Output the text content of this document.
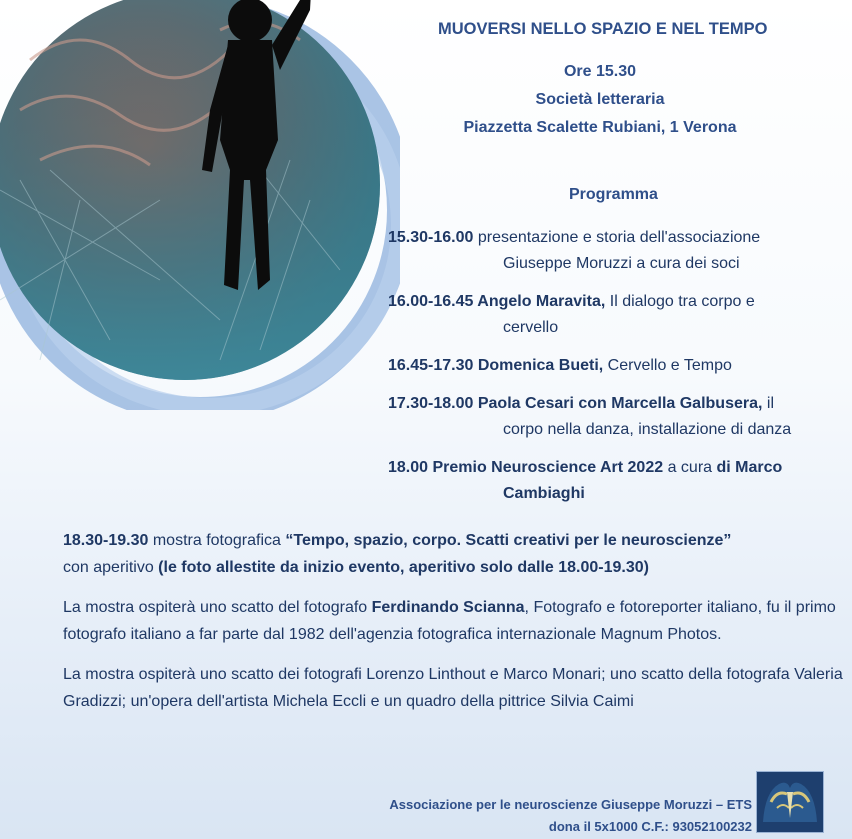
MUOVERSI NELLO SPAZIO E NEL TEMPO
Ore 15.30
Società letteraria
Piazzetta Scalette Rubiani, 1 Verona
Programma
15.30-16.00 presentazione e storia dell'associazione
Giuseppe Moruzzi a cura dei soci
16.00-16.45 Angelo Maravita, Il dialogo tra corpo e
cervello
16.45-17.30 Domenica Bueti, Cervello e Tempo
17.30-18.00 Paola Cesari con Marcella Galbusera, il
corpo nella danza, installazione di danza
18.00 Premio Neuroscience Art 2022 a cura di Marco
Cambiaghi

18.30-19.30 mostra fotografica “Tempo, spazio, corpo. Scatti creativi per le neuroscienze”
con aperitivo (le foto allestite da inizio evento, aperitivo solo dalle 18.00-19.30)

La mostra ospiterà uno scatto del fotografo Ferdinando Scianna, Fotografo e fotoreporter italiano, fu il primo fotografo italiano a far parte dal 1982 dell'agenzia fotografica internazionale Magnum Photos.

La mostra ospiterà uno scatto dei fotografi Lorenzo Linthout e Marco Monari; uno scatto della fotografa Valeria Gradizzi; un'opera dell'artista Michela Eccli e un quadro della pittrice Silvia Caimi

Associazione per le neuroscienze Giuseppe Moruzzi – ETS
dona il 5x1000 C.F.: 93052100232
